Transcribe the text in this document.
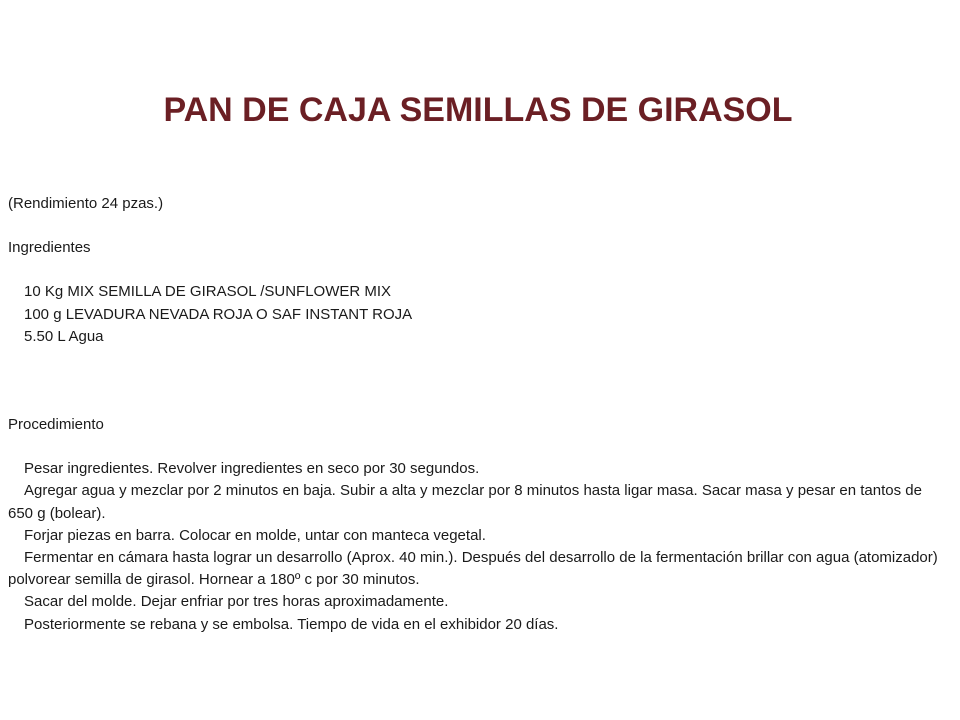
PAN DE CAJA SEMILLAS DE GIRASOL
(Rendimiento 24 pzas.)
Ingredientes
10 Kg MIX SEMILLA DE GIRASOL /SUNFLOWER MIX
100 g LEVADURA NEVADA ROJA O SAF INSTANT ROJA
5.50 L Agua
Procedimiento
Pesar ingredientes. Revolver ingredientes en seco por 30 segundos.
Agregar agua y mezclar por 2 minutos en baja. Subir a alta y mezclar por 8 minutos hasta ligar masa. Sacar masa y pesar en tantos de 650 g (bolear).
Forjar piezas en barra. Colocar en molde, untar con manteca vegetal.
Fermentar en cámara hasta lograr un desarrollo (Aprox. 40 min.). Después del desarrollo de la fermentación brillar con agua (atomizador) polvorear semilla de girasol. Hornear a 180º c por 30 minutos.
Sacar del molde. Dejar enfriar por tres horas aproximadamente.
Posteriormente se rebana y se embolsa. Tiempo de vida en el exhibidor 20 días.
